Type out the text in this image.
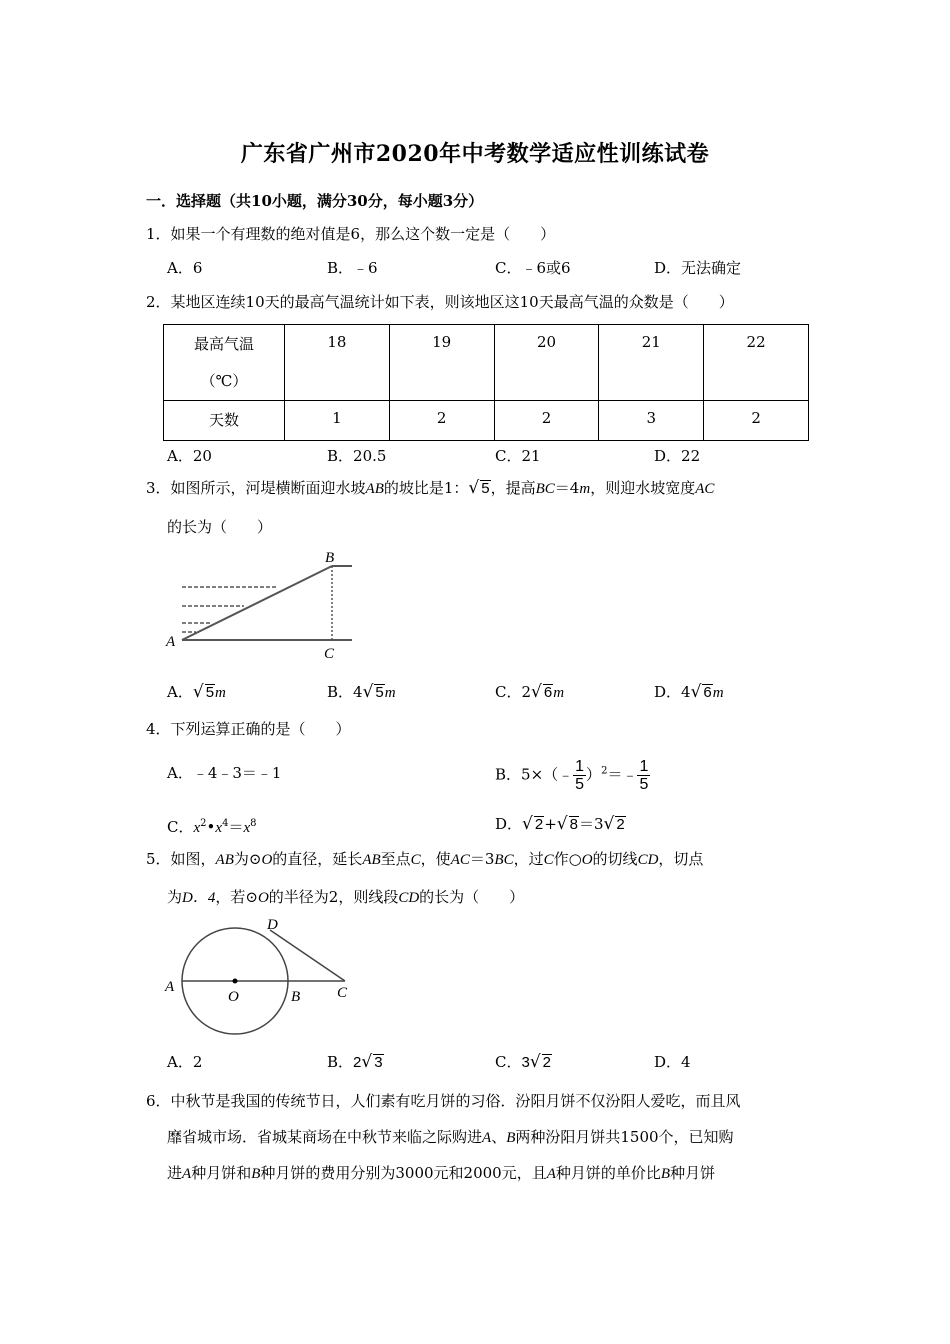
广东省广州市2020年中考数学适应性训练试卷
一．选择题（共10小题，满分30分，每小题3分）
1．如果一个有理数的绝对值是6，那么这个数一定是（　　）
A．6	B．﹣6	C．﹣6或6	D．无法确定
2．某地区连续10天的最高气温统计如下表，则该地区这10天最高气温的众数是（　　）
最高气温
（℃）	18	19	20	21	22
天数	1	2	2	3	2
A．20	B．20.5	C．21	D．22
3．如图所示，河堤横断面迎水坡AB的坡比是1：√ 5，提高BC＝4m，则迎水坡宽度AC
的长为（　　）
A
B
C
A．√ 5m	B．4√ 5m	C．2√ 6m	D．4√ 6m
4．下列运算正确的是（　　）
A．﹣4﹣3＝﹣1	B．5×（﹣ $\frac{1}{5}$ ）$^2$＝﹣ $\frac{1}{5}$
C．$x^2•x^4=x^8$	D．√ 2+√ 8＝3√ 2
5．如图，AB为⊙O的直径，延长AB至点C，使AC＝3BC，过C作○O的切线CD，切点
为D．4，若⊙O的半径为2，则线段CD的长为（　　）
A
O	B C
D
A．2	B．2√ 3	C．3√ 2	D．4
6．中秋节是我国的传统节日，人们素有吃月饼的习俗．汾阳月饼不仅汾阳人爱吃，而且风
靡省城市场．省城某商场在中秋节来临之际购进A、B两种汾阳月饼共1500个，已知购
进A种月饼和B种月饼的费用分别为3000元和2000元，且A种月饼的单价比B种月饼
